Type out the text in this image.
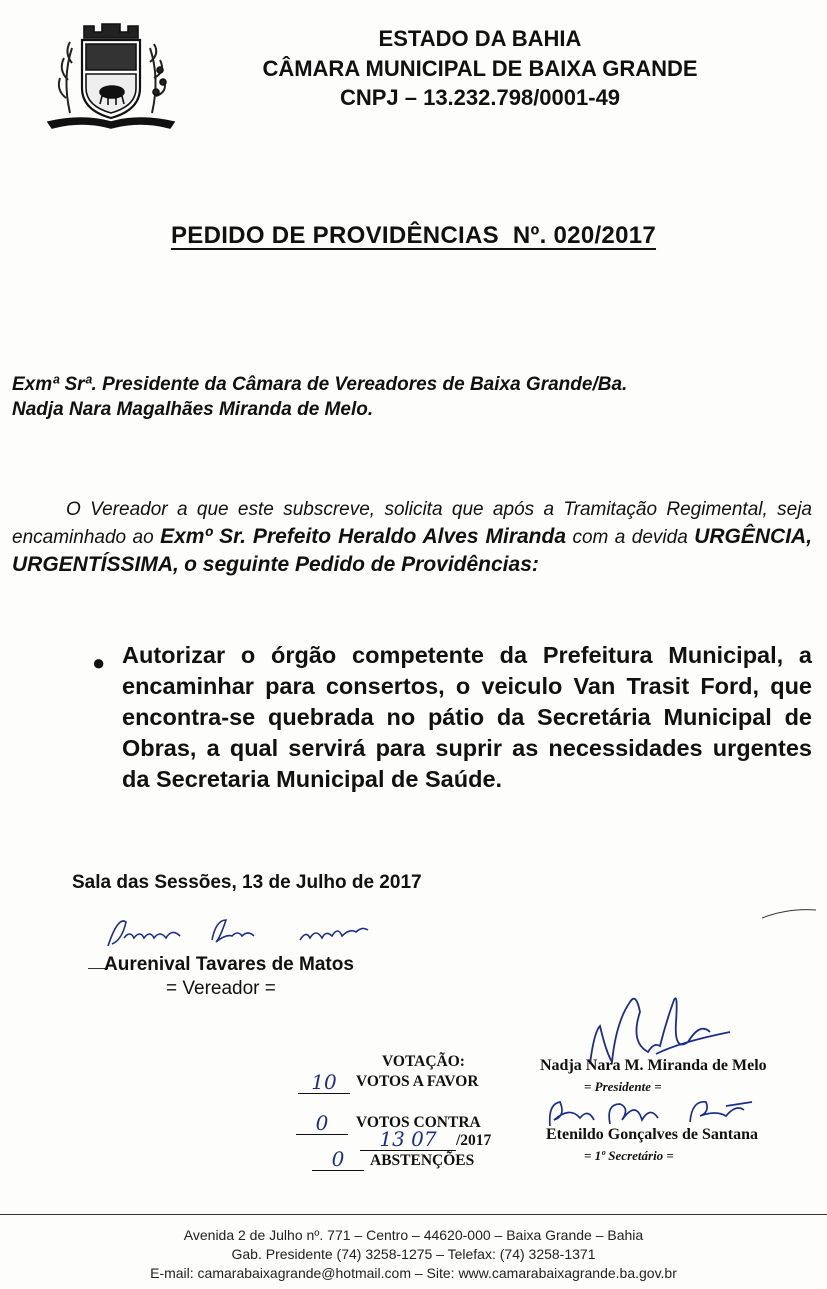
ESTADO DA BAHIA
CÂMARA MUNICIPAL DE BAIXA GRANDE
CNPJ – 13.232.798/0001-49
PEDIDO DE PROVIDÊNCIAS  Nº. 020/2017
Exmª Srª. Presidente da Câmara de Vereadores de Baixa Grande/Ba.
Nadja Nara Magalhães Miranda de Melo.
O Vereador a que este subscreve, solicita que após a Tramitação Regimental, seja encaminhado ao Exmº Sr. Prefeito Heraldo Alves Miranda com a devida URGÊNCIA, URGENTÍSSIMA, o seguinte Pedido de Providências:
● Autorizar o órgão competente da Prefeitura Municipal, a encaminhar para consertos, o veiculo Van Trasit Ford, que encontra-se quebrada no pátio da Secretária Municipal de Obras, a qual servirá para suprir as necessidades urgentes da Secretaria Municipal de Saúde.
Sala das Sessões, 13 de Julho de 2017
Aurenival Tavares de Matos
= Vereador =
VOTAÇÃO:
10	VOTOS A FAVOR
0	VOTOS CONTRA
13 07	/2017
0	ABSTENÇÕES
Nadja Nara M. Miranda de Melo
= Presidente =
Etenildo Gonçalves de Santana
= 1º Secretário =
Avenida 2 de Julho nº. 771 – Centro – 44620-000 – Baixa Grande – Bahia
Gab. Presidente (74) 3258-1275 – Telefax: (74) 3258-1371
E-mail: camarabaixagrande@hotmail.com – Site: www.camarabaixagrande.ba.gov.br
